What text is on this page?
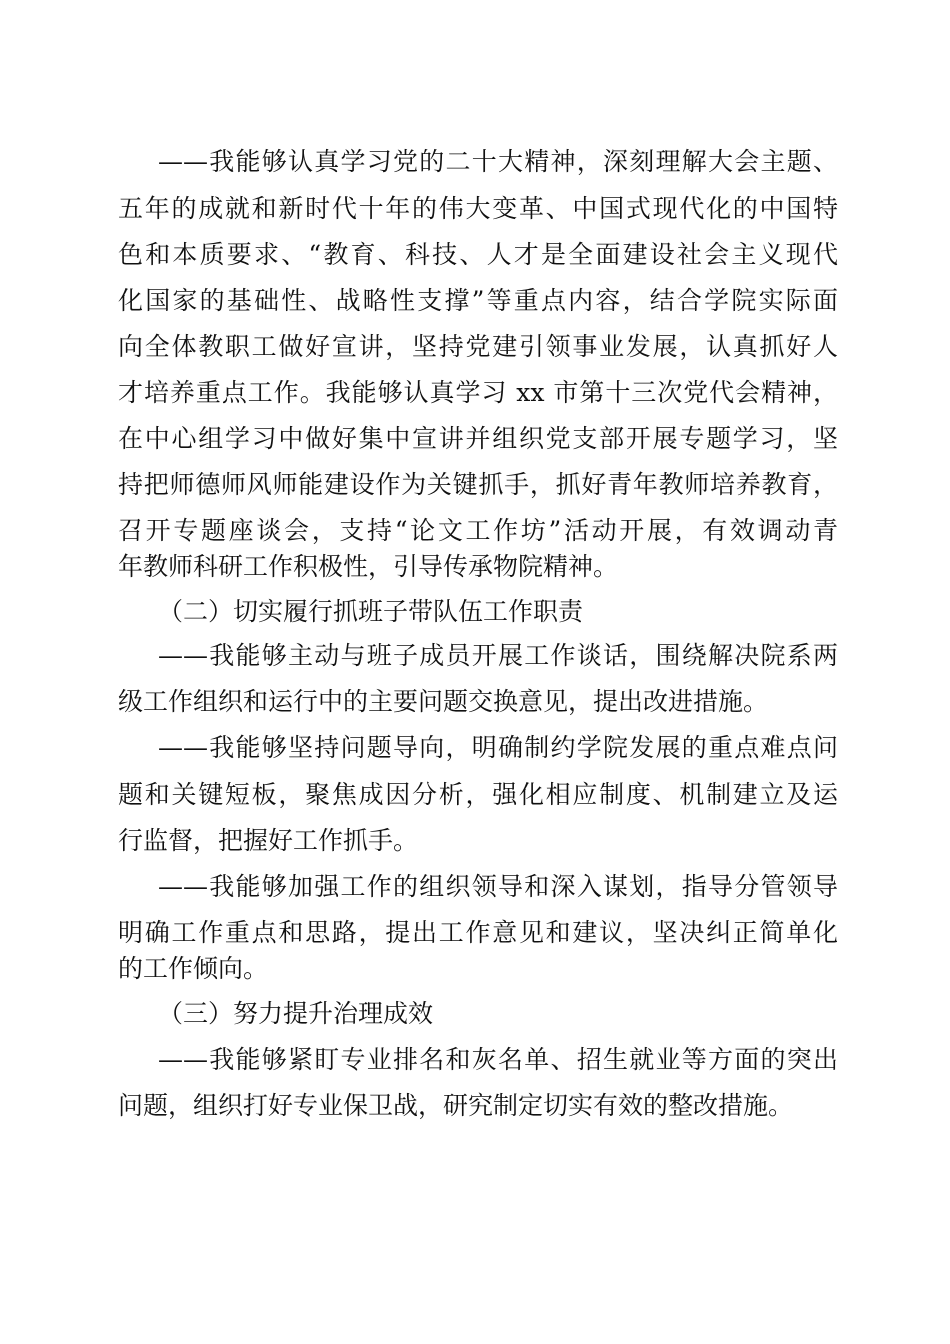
——我能够认真学习党的二十大精神，深刻理解大会主题、

五年的成就和新时代十年的伟大变革、中国式现代化的中国特

色和本质要求、“教育、科技、人才是全面建设社会主义现代

化国家的基础性、战略性支撑”等重点内容，结合学院实际面

向全体教职工做好宣讲，坚持党建引领事业发展，认真抓好人

才培养重点工作。我能够认真学习 xx 市第十三次党代会精神，

在中心组学习中做好集中宣讲并组织党支部开展专题学习，坚

持把师德师风师能建设作为关键抓手，抓好青年教师培养教育，

召开专题座谈会，支持“论文工作坊”活动开展，有效调动青

年教师科研工作积极性，引导传承物院精神。

（二）切实履行抓班子带队伍工作职责

——我能够主动与班子成员开展工作谈话，围绕解决院系两

级工作组织和运行中的主要问题交换意见，提出改进措施。

——我能够坚持问题导向，明确制约学院发展的重点难点问

题和关键短板，聚焦成因分析，强化相应制度、机制建立及运

行监督，把握好工作抓手。

——我能够加强工作的组织领导和深入谋划，指导分管领导

明确工作重点和思路，提出工作意见和建议，坚决纠正简单化

的工作倾向。

（三）努力提升治理成效

——我能够紧盯专业排名和灰名单、招生就业等方面的突出

问题，组织打好专业保卫战，研究制定切实有效的整改措施。
